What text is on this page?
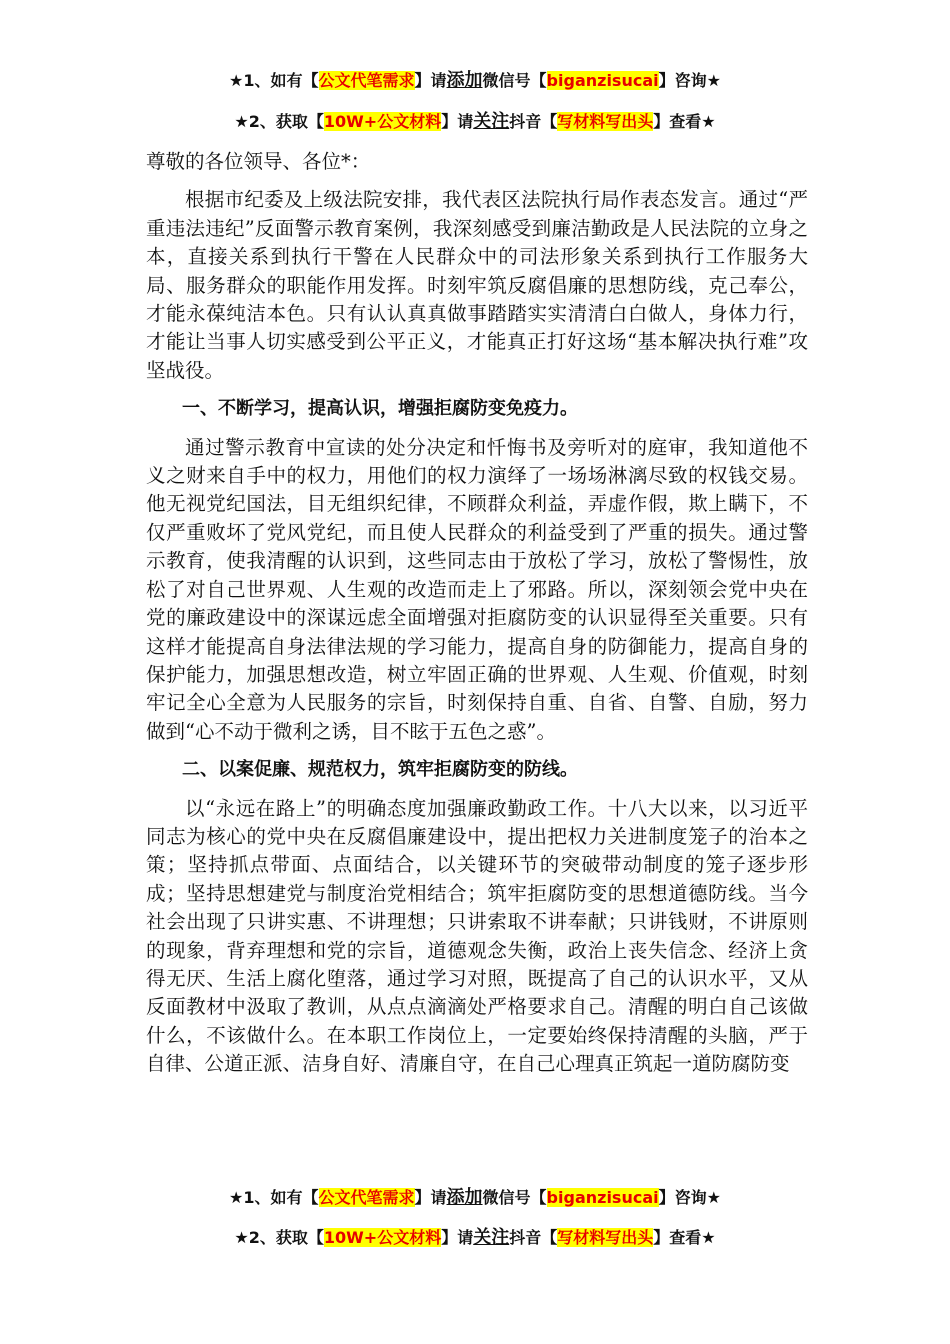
★1、如有【公文代笔需求】请添加微信号【biganzisucai】咨询★
★2、获取【10W+公文材料】请关注抖音【写材料写出头】查看★

尊敬的各位领导、各位*：

根据市纪委及上级法院安排，我代表区法院执行局作表态发言。通过“严重违法违纪”反面警示教育案例，我深刻感受到廉洁勤政是人民法院的立身之本，直接关系到执行干警在人民群众中的司法形象关系到执行工作服务大局、服务群众的职能作用发挥。时刻牢筑反腐倡廉的思想防线，克己奉公，才能永葆纯洁本色。只有认认真真做事踏踏实实清清白白做人，身体力行，才能让当事人切实感受到公平正义，才能真正打好这场“基本解决执行难”攻坚战役。

一、不断学习，提高认识，增强拒腐防变免疫力。

通过警示教育中宣读的处分决定和忏悔书及旁听对的庭审，我知道他不义之财来自手中的权力，用他们的权力演绎了一场场淋漓尽致的权钱交易。他无视党纪国法，目无组织纪律，不顾群众利益，弄虚作假，欺上瞒下，不仅严重败坏了党风党纪，而且使人民群众的利益受到了严重的损失。通过警示教育，使我清醒的认识到，这些同志由于放松了学习，放松了警惕性，放松了对自己世界观、人生观的改造而走上了邪路。所以，深刻领会党中央在党的廉政建设中的深谋远虑全面增强对拒腐防变的认识显得至关重要。只有这样才能提高自身法律法规的学习能力，提高自身的防御能力，提高自身的保护能力，加强思想改造，树立牢固正确的世界观、人生观、价值观，时刻牢记全心全意为人民服务的宗旨，时刻保持自重、自省、自警、自励，努力做到“心不动于微利之诱，目不眩于五色之惑”。

二、以案促廉、规范权力，筑牢拒腐防变的防线。

以“永远在路上”的明确态度加强廉政勤政工作。十八大以来，以习近平同志为核心的党中央在反腐倡廉建设中，提出把权力关进制度笼子的治本之策；坚持抓点带面、点面结合，以关键环节的突破带动制度的笼子逐步形成；坚持思想建党与制度治党相结合；筑牢拒腐防变的思想道德防线。当今社会出现了只讲实惠、不讲理想；只讲索取不讲奉献；只讲钱财，不讲原则的现象，背弃理想和党的宗旨，道德观念失衡，政治上丧失信念、经济上贪得无厌、生活上腐化堕落，通过学习对照，既提高了自己的认识水平，又从反面教材中汲取了教训，从点点滴滴处严格要求自己。清醒的明白自己该做什么，不该做什么。在本职工作岗位上，一定要始终保持清醒的头脑，严于自律、公道正派、洁身自好、清廉自守，在自己心理真正筑起一道防腐防变

★1、如有【公文代笔需求】请添加微信号【biganzisucai】咨询★
★2、获取【10W+公文材料】请关注抖音【写材料写出头】查看★
